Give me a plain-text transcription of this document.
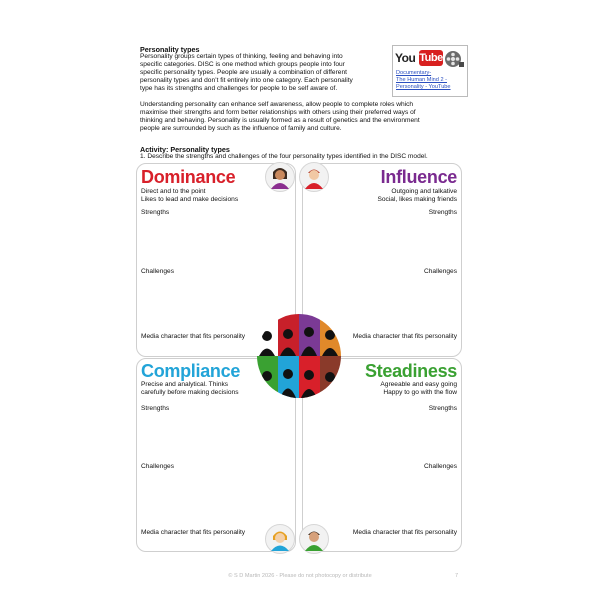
Personality types
Personality groups certain types of thinking, feeling and behaving into
specific categories. DISC is one method which groups people into four
specific personality types. People are usually a combination of different
personality types and don’t fit entirely into one category. Each personality
type has its strengths and challenges for people to be self aware of.
Understanding personality can enhance self awareness, allow people to complete roles which
maximise their strengths and form better relationships with others using their preferred ways of
thinking and behaving. Personality is usually formed as a result of genetics and the environment
people are surrounded by such as the influence of family and culture.
You Tube
Documentary-
The Human Mind 2 -
Personality - YouTube
Activity: Personality types
1. Describe the strengths and challenges of the four personality types identified in the DISC model.
Dominance
Direct and to the point
Likes to lead and make decisions
Strengths
Challenges
Media character that fits personality
Influence
Outgoing and talkative
Social, likes making friends
Strengths
Challenges
Media character that fits personality
Compliance
Precise and analytical. Thinks
carefully before making decisions
Strengths
Challenges
Media character that fits personality
Steadiness
Agreeable and easy going
Happy to go with the flow
Strengths
Challenges
Media character that fits personality
© S D Martin 2026 - Please do not photocopy or distribute	7
